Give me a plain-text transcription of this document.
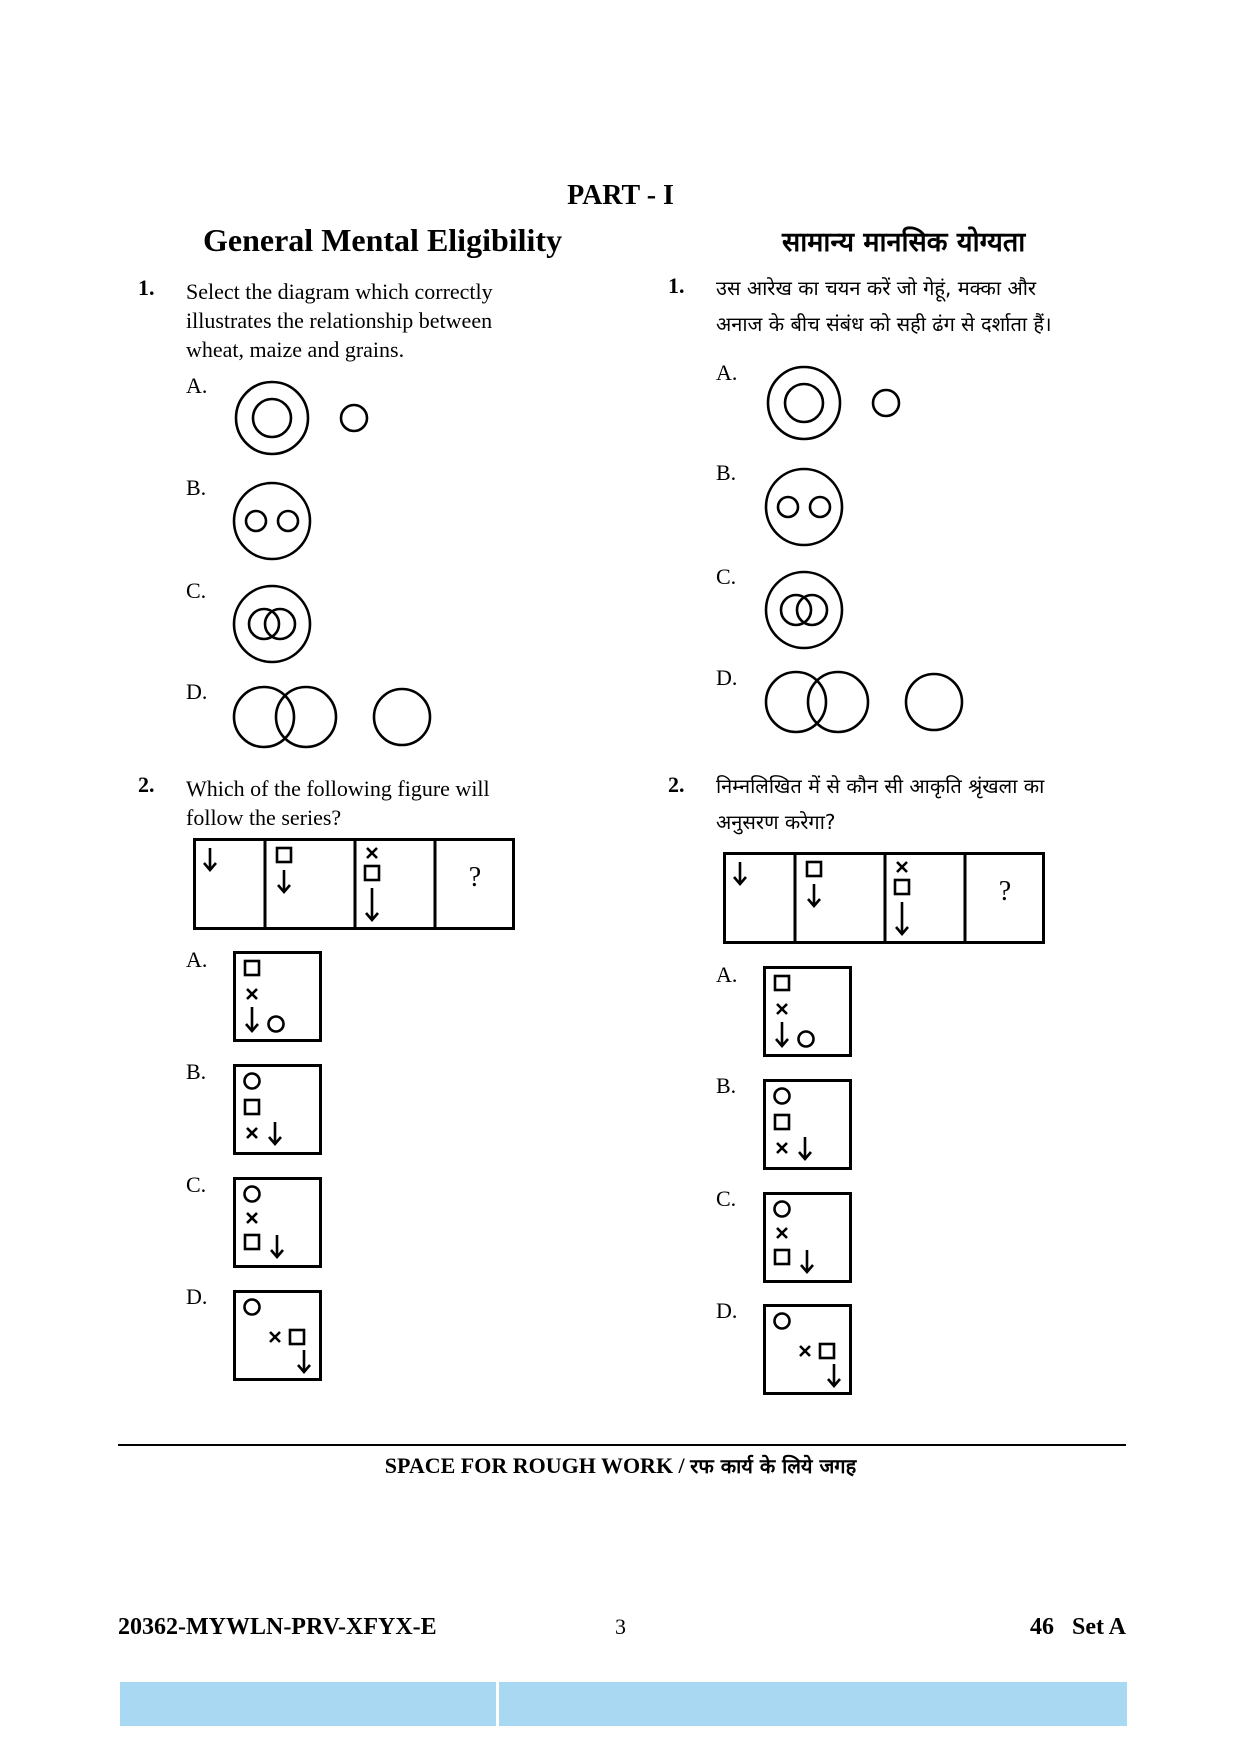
PART - I
General Mental Eligibility	सामान्य मानसिक योग्यता
1. Select the diagram which correctly
illustrates the relationship between
wheat, maize and grains.
A.
B.
C.
D.
2. Which of the following figure will
follow the series?
?
A.
B.
C.
D.
1. उस आरेख का चयन करें जो गेहूं, मक्का और
अनाज के बीच संबंध को सही ढंग से दर्शाता हैं।
A.
B.
C.
D.
2. निम्नलिखित में से कौन सी आकृति श्रृंखला का
अनुसरण करेगा?
?
A.
B.
C.
D.
SPACE FOR ROUGH WORK / रफ कार्य के लिये जगह
20362-MYWLN-PRV-XFYX-E	3	46   Set A
